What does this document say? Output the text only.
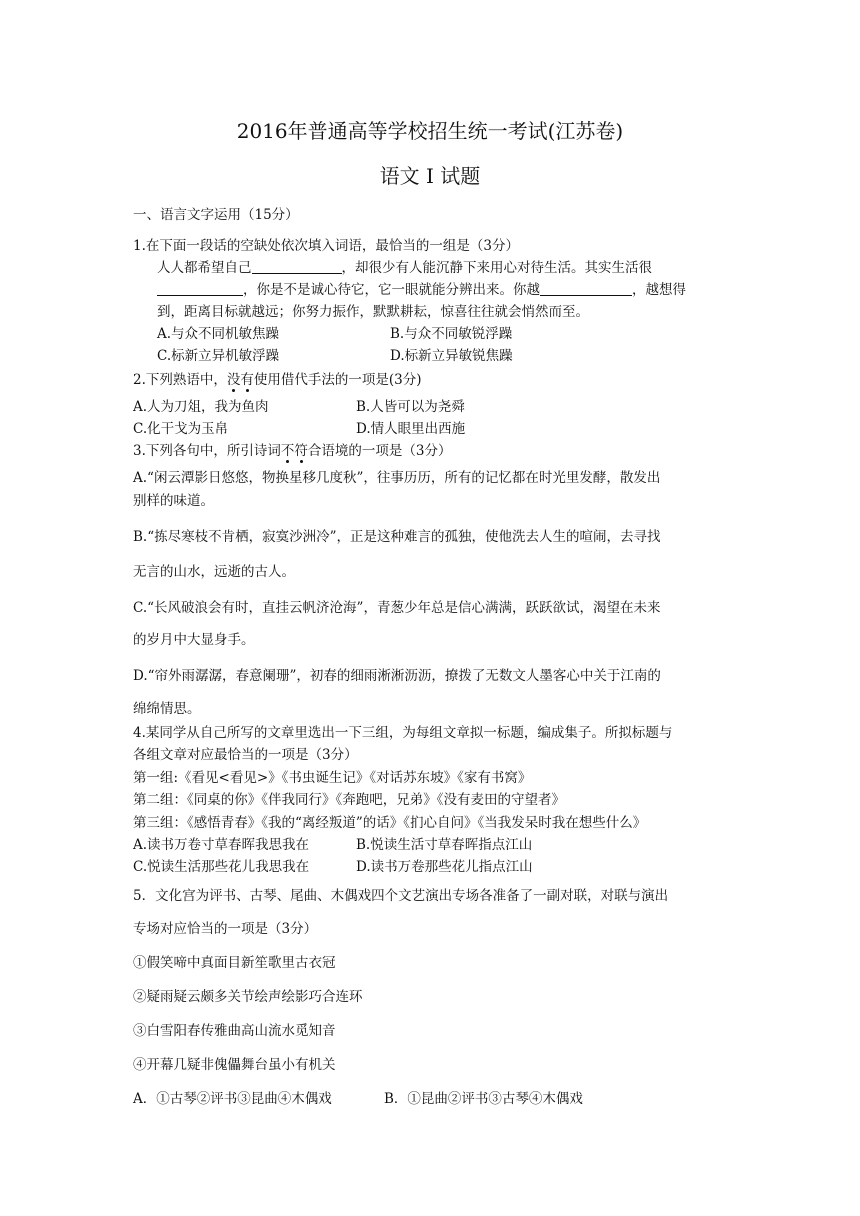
2016年普通高等学校招生统一考试(江苏卷)
语文 I 试题
一、语言文字运用（15分）
1.在下面一段话的空缺处依次填入词语，最恰当的一组是（3分）
人人都希望自己	，却很少有人能沉静下来用心对待生活。其实生活很
，你是不是诚心待它，它一眼就能分辨出来。你越	，越想得
到，距离目标就越远；你努力振作，默默耕耘，惊喜往往就会悄然而至。
A.与众不同机敏焦躁	B.与众不同敏锐浮躁
C.标新立异机敏浮躁	D.标新立异敏锐焦躁
2.下列熟语中，没有使用借代手法的一项是(3分)
A.人为刀俎，我为鱼肉	B.人皆可以为尧舜
C.化干戈为玉帛	D.情人眼里出西施
3.下列各句中，所引诗词不符合语境的一项是（3分）
A.“闲云潭影日悠悠，物换星移几度秋”，往事历历，所有的记忆都在时光里发酵，散发出
别样的味道。
B.“拣尽寒枝不肯栖，寂寞沙洲冷”，正是这种难言的孤独，使他洗去人生的喧闹，去寻找
无言的山水，远逝的古人。
C.“长风破浪会有时，直挂云帆济沧海”，青葱少年总是信心满满，跃跃欲试，渴望在未来
的岁月中大显身手。
D.“帘外雨潺潺，春意阑珊”，初春的细雨淅淅沥沥，撩拨了无数文人墨客心中关于江南的
绵绵情思。
4.某同学从自己所写的文章里选出一下三组，为每组文章拟一标题，编成集子。所拟标题与
各组文章对应最恰当的一项是（3分）
第一组:《看见<看见>》《书虫诞生记》《对话苏东坡》《家有书窝》
第二组：《同桌的你》《伴我同行》《奔跑吧，兄弟》《没有麦田的守望者》
第三组：《感悟青春》《我的“离经叛道”的话》《扪心自问》《当我发呆时我在想些什么》
A.读书万卷寸草春晖我思我在	B.悦读生活寸草春晖指点江山
C.悦读生活那些花儿我思我在	D.读书万卷那些花儿指点江山
5．文化宫为评书、古琴、尾曲、木偶戏四个文艺演出专场各准备了一副对联，对联与演出
专场对应恰当的一项是（3分）
①假笑啼中真面目新笙歌里古衣冠
②疑雨疑云颇多关节绘声绘影巧合连环
③白雪阳春传雅曲高山流水觅知音
④开幕几疑非傀儡舞台虽小有机关
A．①古琴②评书③昆曲④木偶戏	B．①昆曲②评书③古琴④木偶戏
